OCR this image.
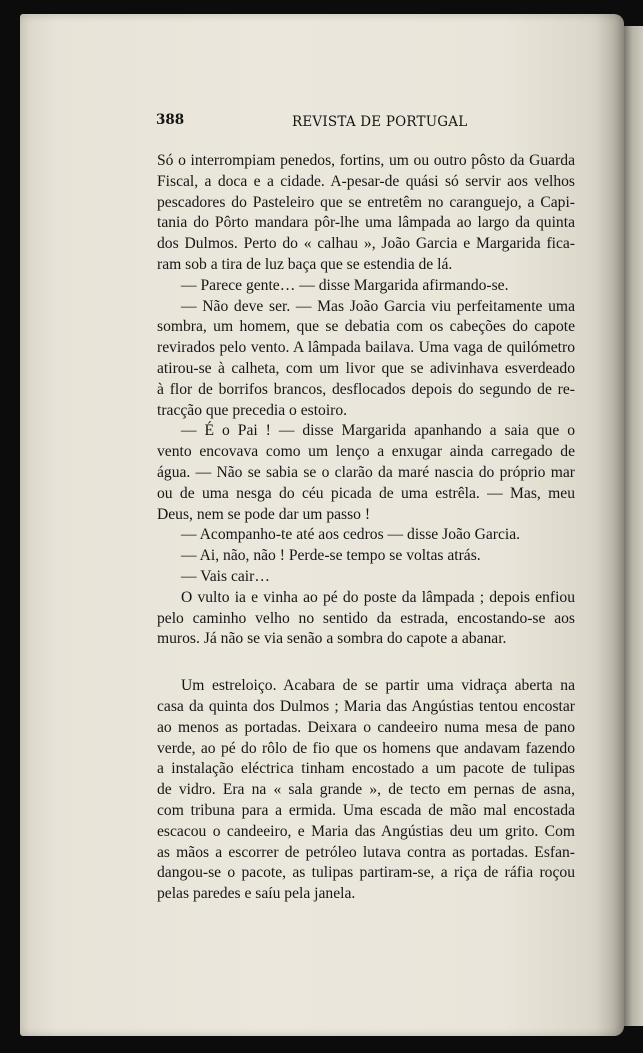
388	REVISTA DE PORTUGAL
Só o interrompiam penedos, fortins, um ou outro pôsto da Guarda
Fiscal, a doca e a cidade. A-pesar-de quási só servir aos velhos
pescadores do Pasteleiro que se entretêm no caranguejo, a Capi-
tania do Pôrto mandara pôr-lhe uma lâmpada ao largo da quinta
dos Dulmos. Perto do « calhau », João Garcia e Margarida fica-
ram sob a tira de luz baça que se estendia de lá.
— Parece gente… — disse Margarida afirmando-se.
— Não deve ser. — Mas João Garcia viu perfeitamente uma
sombra, um homem, que se debatia com os cabeções do capote
revirados pelo vento. A lâmpada bailava. Uma vaga de quilómetro
atirou-se à calheta, com um livor que se adivinhava esverdeado
à flor de borrifos brancos, desflocados depois do segundo de re-
tracção que precedia o estoiro.
— É o Pai ! — disse Margarida apanhando a saia que o
vento encovava como um lenço a enxugar ainda carregado de
água. — Não se sabia se o clarão da maré nascia do próprio mar
ou de uma nesga do céu picada de uma estrêla. — Mas, meu
Deus, nem se pode dar um passo !
— Acompanho-te até aos cedros — disse João Garcia.
— Ai, não, não ! Perde-se tempo se voltas atrás.
— Vais cair…
O vulto ia e vinha ao pé do poste da lâmpada ; depois enfiou
pelo caminho velho no sentido da estrada, encostando-se aos
muros. Já não se via senão a sombra do capote a abanar.
Um estreloiço. Acabara de se partir uma vidraça aberta na
casa da quinta dos Dulmos ; Maria das Angústias tentou encostar
ao menos as portadas. Deixara o candeeiro numa mesa de pano
verde, ao pé do rôlo de fio que os homens que andavam fazendo
a instalação eléctrica tinham encostado a um pacote de tulipas
de vidro. Era na « sala grande », de tecto em pernas de asna,
com tribuna para a ermida. Uma escada de mão mal encostada
escacou o candeeiro, e Maria das Angústias deu um grito. Com
as mãos a escorrer de petróleo lutava contra as portadas. Esfan-
dangou-se o pacote, as tulipas partiram-se, a riça de ráfia roçou
pelas paredes e saíu pela janela.
